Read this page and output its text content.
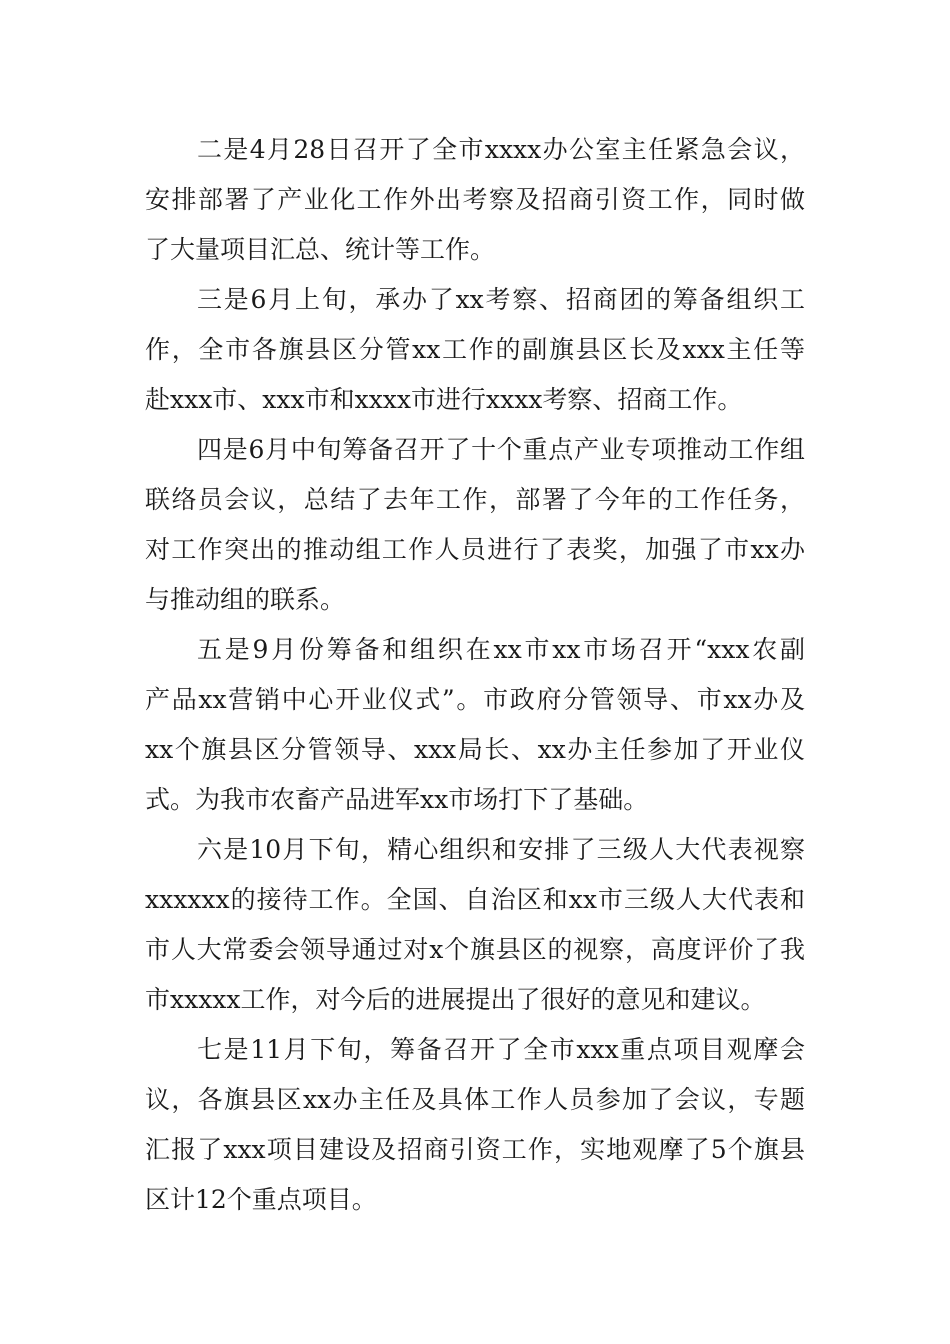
二是4月28日召开了全市xxxx办公室主任紧急会议，
安排部署了产业化工作外出考察及招商引资工作，同时做
了大量项目汇总、统计等工作。
三是6月上旬，承办了xx考察、招商团的筹备组织工
作，全市各旗县区分管xx工作的副旗县区长及xxx主任等
赴xxx市、xxx市和xxxx市进行xxxx考察、招商工作。
四是6月中旬筹备召开了十个重点产业专项推动工作组
联络员会议，总结了去年工作，部署了今年的工作任务，
对工作突出的推动组工作人员进行了表奖，加强了市xx办
与推动组的联系。
五是9月份筹备和组织在xx市xx市场召开“xxx农副
产品xx营销中心开业仪式”。市政府分管领导、市xx办及
xx个旗县区分管领导、xxx局长、xx办主任参加了开业仪
式。为我市农畜产品进军xx市场打下了基础。
六是10月下旬，精心组织和安排了三级人大代表视察
xxxxxx的接待工作。全国、自治区和xx市三级人大代表和
市人大常委会领导通过对x个旗县区的视察，高度评价了我
市xxxxx工作，对今后的进展提出了很好的意见和建议。
七是11月下旬，筹备召开了全市xxx重点项目观摩会
议，各旗县区xx办主任及具体工作人员参加了会议，专题
汇报了xxx项目建设及招商引资工作，实地观摩了5个旗县
区计12个重点项目。
